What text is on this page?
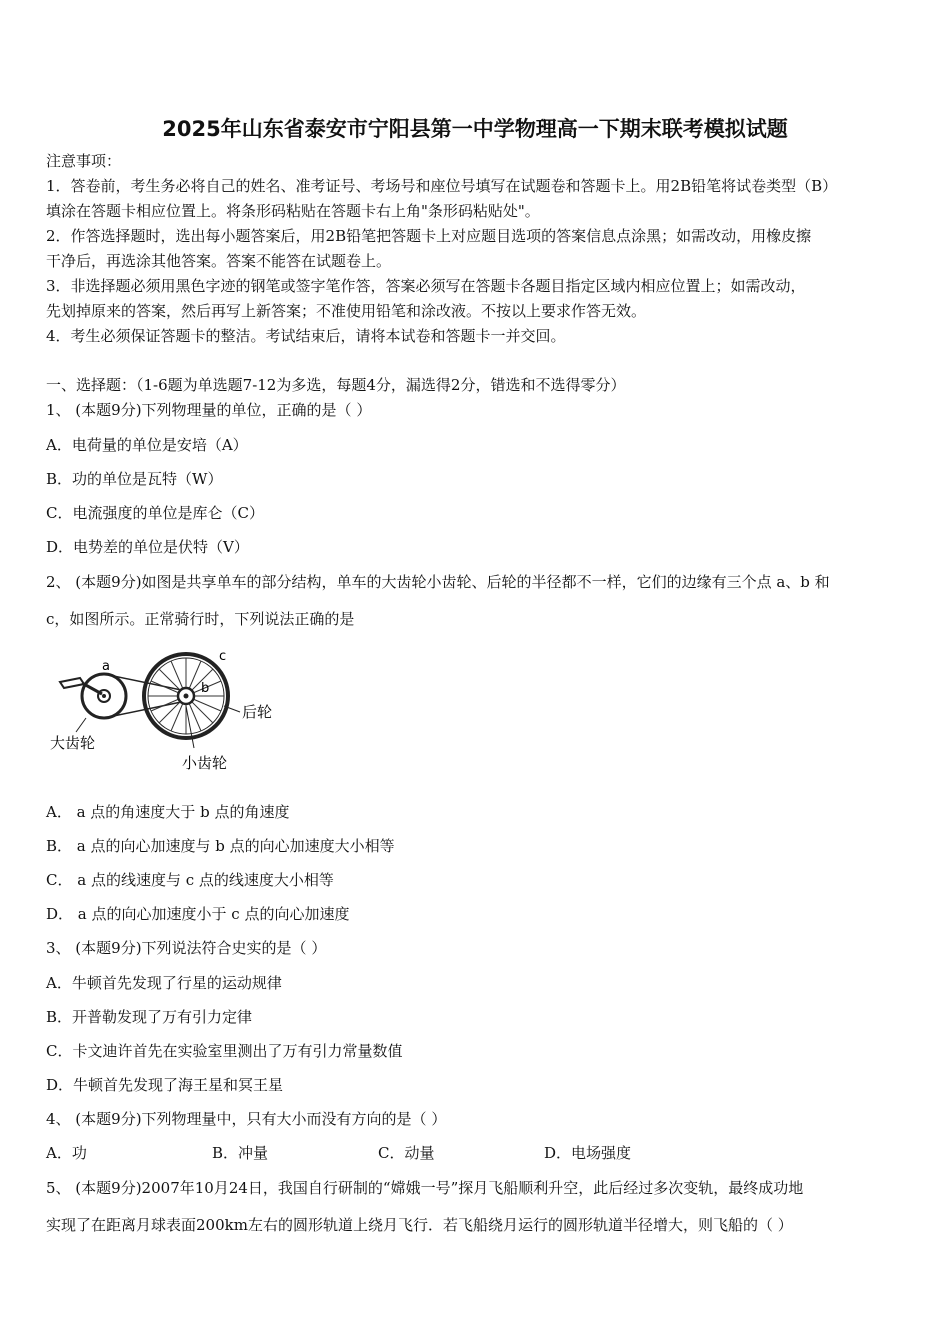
2025年山东省泰安市宁阳县第一中学物理高一下期末联考模拟试题
注意事项：
1．答卷前，考生务必将自己的姓名、准考证号、考场号和座位号填写在试题卷和答题卡上。用2B铅笔将试卷类型（B）
填涂在答题卡相应位置上。将条形码粘贴在答题卡右上角"条形码粘贴处"。
2．作答选择题时，选出每小题答案后，用2B铅笔把答题卡上对应题目选项的答案信息点涂黑；如需改动，用橡皮擦
干净后，再选涂其他答案。答案不能答在试题卷上。
3．非选择题必须用黑色字迹的钢笔或签字笔作答，答案必须写在答题卡各题目指定区域内相应位置上；如需改动，
先划掉原来的答案，然后再写上新答案；不准使用铅笔和涂改液。不按以上要求作答无效。
4．考生必须保证答题卡的整洁。考试结束后，请将本试卷和答题卡一并交回。
一、选择题：（1-6题为单选题7-12为多选，每题4分，漏选得2分，错选和不选得零分）
1、 (本题9分)下列物理量的单位，正确的是（ ）
A．电荷量的单位是安培（A）
B．功的单位是瓦特（W）
C．电流强度的单位是库仑（C）
D．电势差的单位是伏特（V）
2、 (本题9分)如图是共享单车的部分结构，单车的大齿轮小齿轮、后轮的半径都不一样，它们的边缘有三个点 a、b 和
c，如图所示。正常骑行时，下列说法正确的是
a
b
c
后轮
大齿轮
小齿轮
A． a 点的角速度大于 b 点的角速度
B． a 点的向心加速度与 b 点的向心加速度大小相等
C． a 点的线速度与 c 点的线速度大小相等
D． a 点的向心加速度小于 c 点的向心加速度
3、 (本题9分)下列说法符合史实的是（ ）
A．牛顿首先发现了行星的运动规律
B．开普勒发现了万有引力定律
C．卡文迪许首先在实验室里测出了万有引力常量数值
D．牛顿首先发现了海王星和冥王星
4、 (本题9分)下列物理量中，只有大小而没有方向的是（ ）
A．功	B．冲量	C．动量	D．电场强度
5、 (本题9分)2007年10月24日，我国自行研制的“嫦娥一号”探月飞船顺利升空，此后经过多次变轨，最终成功地
实现了在距离月球表面200km左右的圆形轨道上绕月飞行．若飞船绕月运行的圆形轨道半径增大，则飞船的（ ）
